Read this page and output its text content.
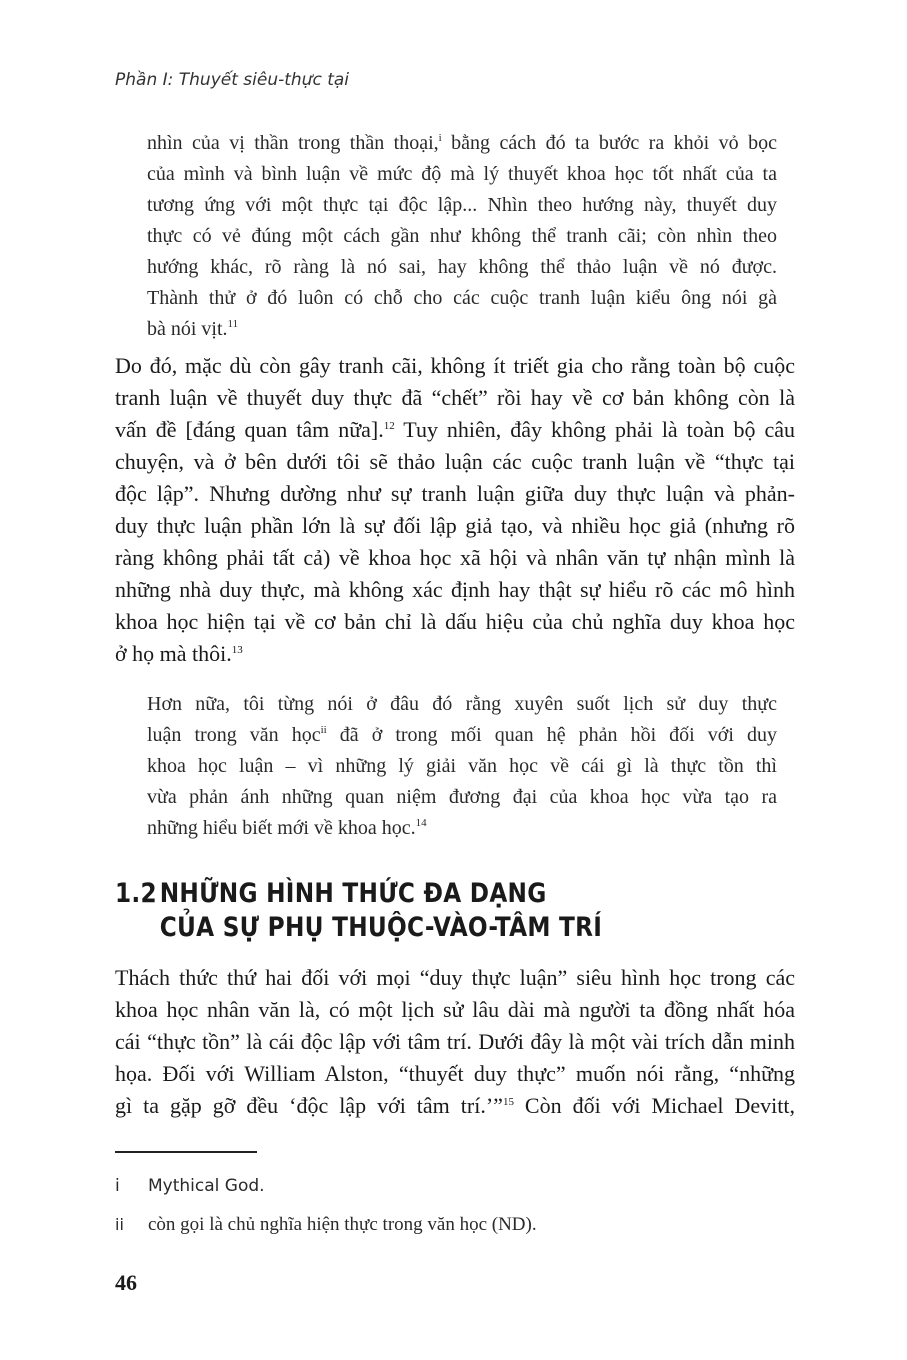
Phần I: Thuyết siêu-thực tại
nhìn của vị thần trong thần thoại,$^i$ bằng cách đó ta bước ra khỏi vỏ bọc
của mình và bình luận về mức độ mà lý thuyết khoa học tốt nhất của ta
tương ứng với một thực tại độc lập... Nhìn theo hướng này, thuyết duy
thực có vẻ đúng một cách gần như không thể tranh cãi; còn nhìn theo
hướng khác, rõ ràng là nó sai, hay không thể thảo luận về nó được.
Thành thử ở đó luôn có chỗ cho các cuộc tranh luận kiểu ông nói gà
bà nói vịt.$^{11}$
Do đó, mặc dù còn gây tranh cãi, không ít triết gia cho rằng toàn bộ cuộc
tranh luận về thuyết duy thực đã “chết” rồi hay về cơ bản không còn là
vấn đề [đáng quan tâm nữa].$^{12}$ Tuy nhiên, đây không phải là toàn bộ câu
chuyện, và ở bên dưới tôi sẽ thảo luận các cuộc tranh luận về “thực tại
độc lập”. Nhưng dường như sự tranh luận giữa duy thực luận và phản-
duy thực luận phần lớn là sự đối lập giả tạo, và nhiều học giả (nhưng rõ
ràng không phải tất cả) về khoa học xã hội và nhân văn tự nhận mình là
những nhà duy thực, mà không xác định hay thật sự hiểu rõ các mô hình
khoa học hiện tại về cơ bản chỉ là dấu hiệu của chủ nghĩa duy khoa học
ở họ mà thôi.$^{13}$
Hơn nữa, tôi từng nói ở đâu đó rằng xuyên suốt lịch sử duy thực
luận trong văn học$^{ii}$ đã ở trong mối quan hệ phản hồi đối với duy
khoa học luận – vì những lý giải văn học về cái gì là thực tồn thì
vừa phản ánh những quan niệm đương đại của khoa học vừa tạo ra
những hiểu biết mới về khoa học.$^{14}$
1.2 NHỮNG HÌNH THỨC ĐA DẠNG
CỦA SỰ PHỤ THUỘC-VÀO-TÂM TRÍ
Thách thức thứ hai đối với mọi “duy thực luận” siêu hình học trong các
khoa học nhân văn là, có một lịch sử lâu dài mà người ta đồng nhất hóa
cái “thực tồn” là cái độc lập với tâm trí. Dưới đây là một vài trích dẫn minh
họa. Đối với William Alston, “thuyết duy thực” muốn nói rằng, “những
gì ta gặp gỡ đều ‘độc lập với tâm trí.’”$^{15}$ Còn đối với Michael Devitt,
i Mythical God.
ii còn gọi là chủ nghĩa hiện thực trong văn học (ND).
46
